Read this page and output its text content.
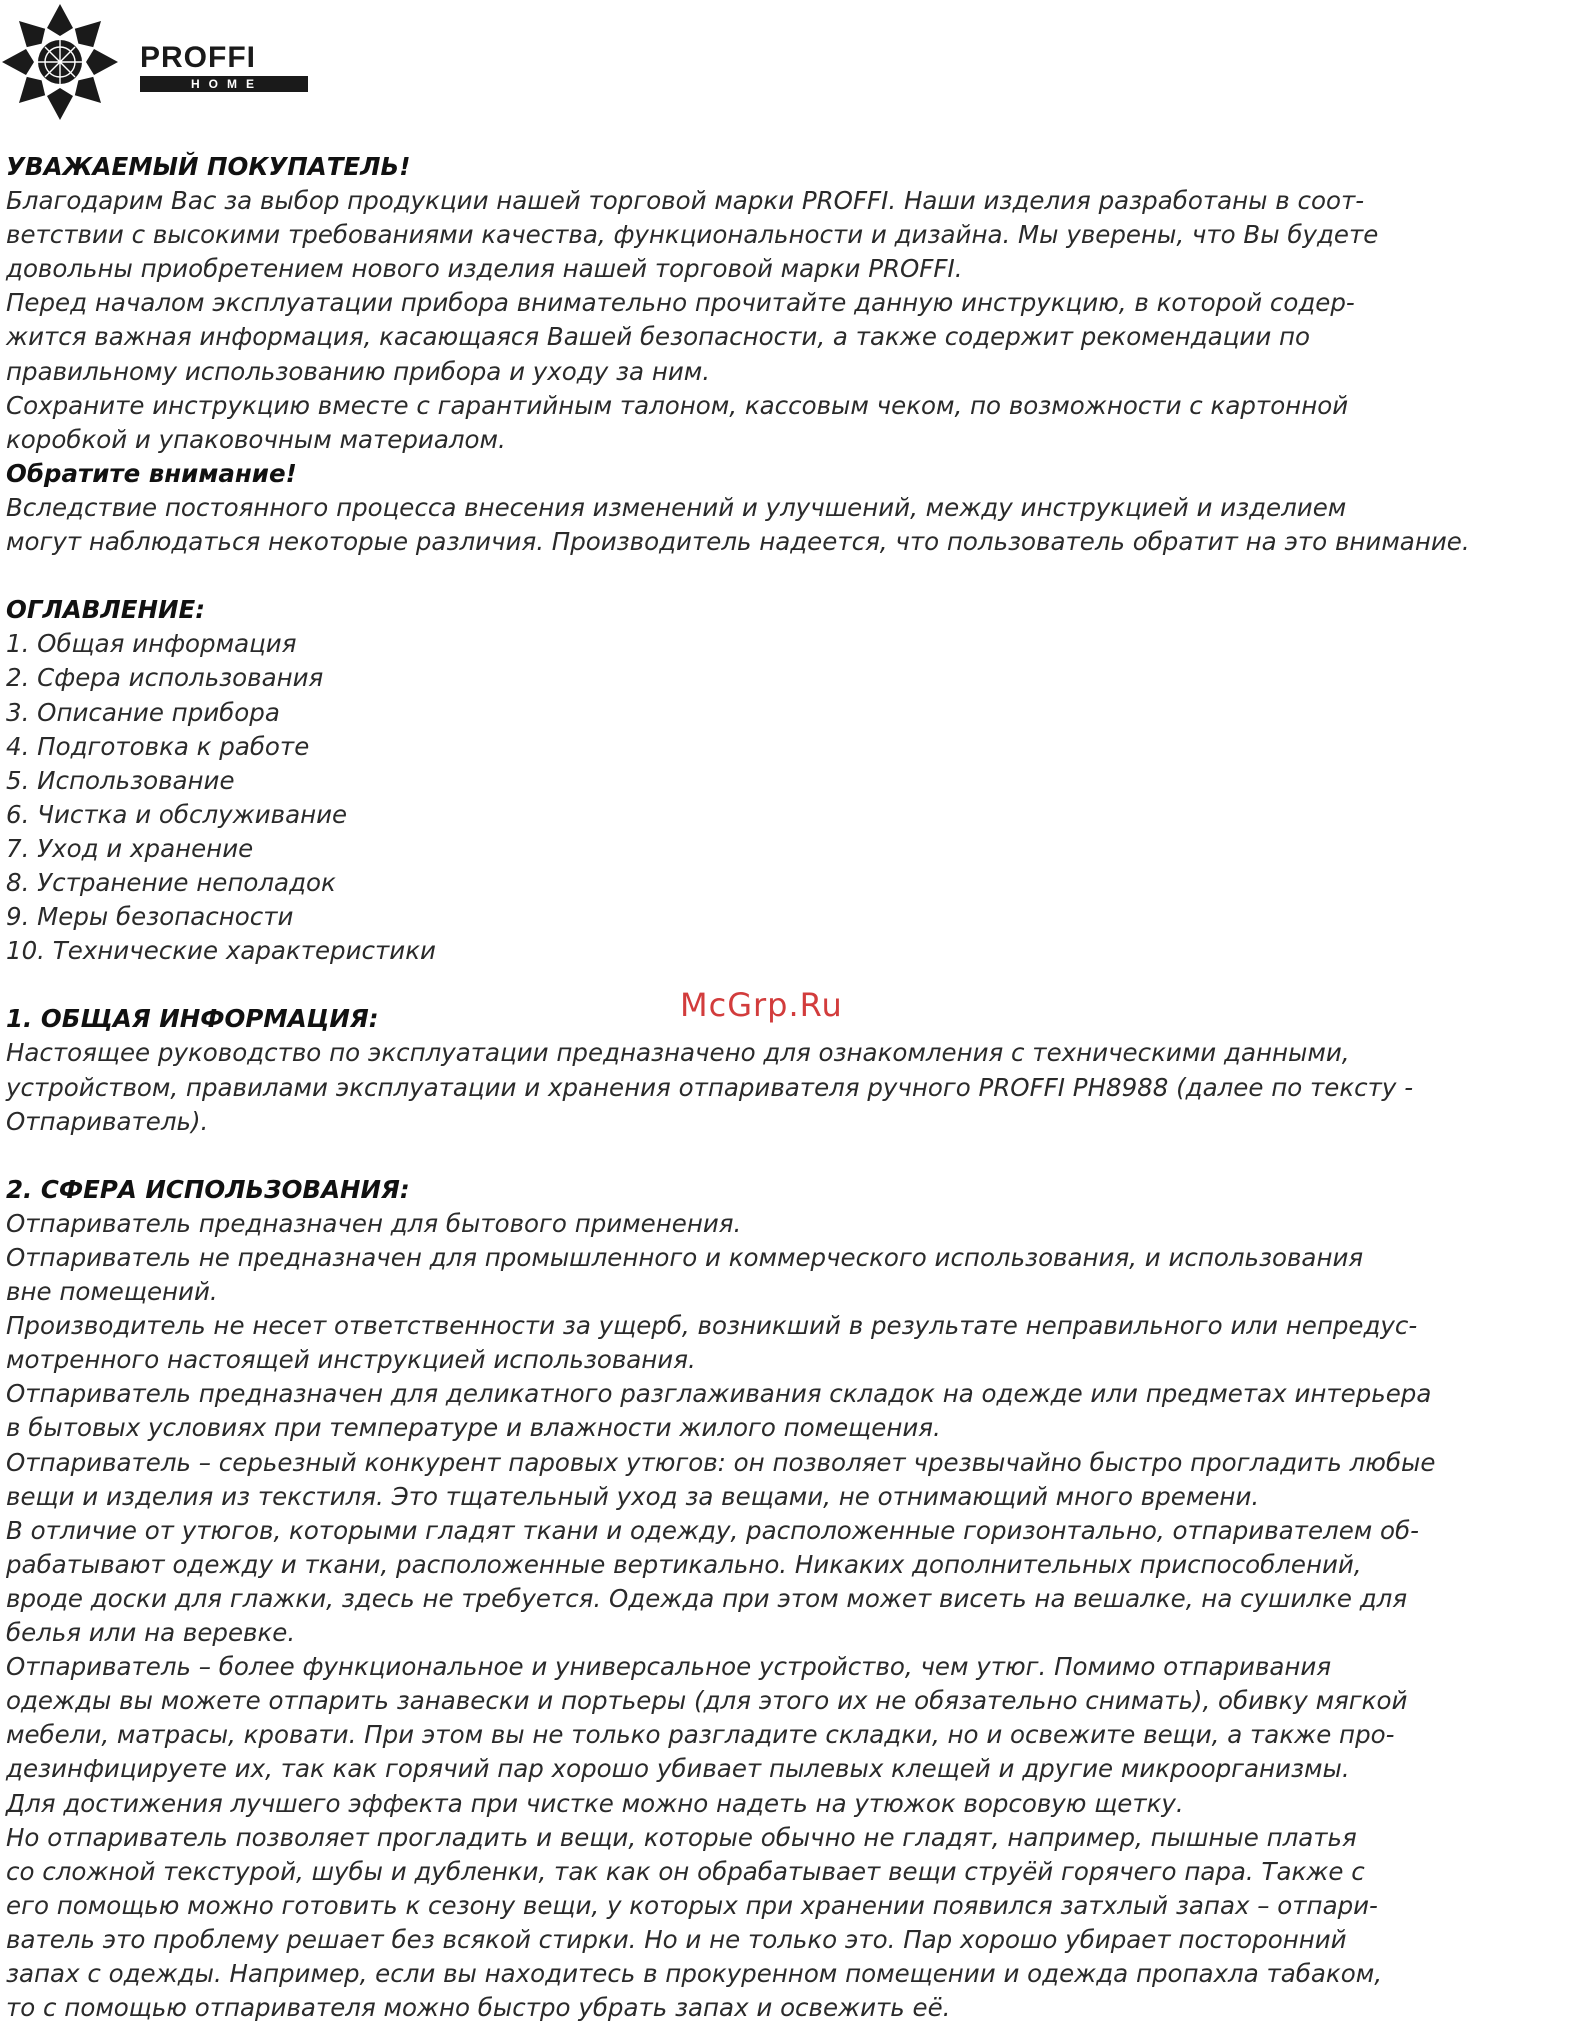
PROFFI
HOME

УВАЖАЕМЫЙ ПОКУПАТЕЛЬ!

Благодарим Вас за выбор продукции нашей торговой марки PROFFI. Наши изделия разработаны в соот-

ветствии с высокими требованиями качества, функциональности и дизайна. Мы уверены, что Вы будете

довольны приобретением нового изделия нашей торговой марки PROFFI.

Перед началом эксплуатации прибора внимательно прочитайте данную инструкцию, в которой содер-

жится важная информация, касающаяся Вашей безопасности, а также содержит рекомендации по

правильному использованию прибора и уходу за ним.

Сохраните инструкцию вместе с гарантийным талоном, кассовым чеком, по возможности с картонной

коробкой и упаковочным материалом.

Обратите внимание!

Вследствие постоянного процесса внесения изменений и улучшений, между инструкцией и изделием

могут наблюдаться некоторые различия. Производитель надеется, что пользователь обратит на это внимание.

ОГЛАВЛЕНИЕ:

1. Общая информация

2. Сфера использования

3. Описание прибора

4. Подготовка к работе

5. Использование

6. Чистка и обслуживание

7. Уход и хранение

8. Устранение неполадок

9. Меры безопасности

10. Технические характеристики

1. ОБЩАЯ ИНФОРМАЦИЯ:

Настоящее руководство по эксплуатации предназначено для ознакомления с техническими данными,

устройством, правилами эксплуатации и хранения отпаривателя ручного PROFFI PH8988 (далее по тексту -

Отпариватель).

2. СФЕРА ИСПОЛЬЗОВАНИЯ:

Отпариватель предназначен для бытового применения.

Отпариватель не предназначен для промышленного и коммерческого использования, и использования

вне помещений.

Производитель не несет ответственности за ущерб, возникший в результате неправильного или непредус-

мотренного настоящей инструкцией использования.

Отпариватель предназначен для деликатного разглаживания складок на одежде или предметах интерьера

в бытовых условиях при температуре и влажности жилого помещения.

Отпариватель – серьезный конкурент паровых утюгов: он позволяет чрезвычайно быстро прогладить любые

вещи и изделия из текстиля. Это тщательный уход за вещами, не отнимающий много времени.

В отличие от утюгов, которыми гладят ткани и одежду, расположенные горизонтально, отпаривателем об-

рабатывают одежду и ткани, расположенные вертикально. Никаких дополнительных приспособлений,

вроде доски для глажки, здесь не требуется. Одежда при этом может висеть на вешалке, на сушилке для

белья или на веревке.

Отпариватель – более функциональное и универсальное устройство, чем утюг. Помимо отпаривания

одежды вы можете отпарить занавески и портьеры (для этого их не обязательно снимать), обивку мягкой

мебели, матрасы, кровати. При этом вы не только разгладите складки, но и освежите вещи, а также про-

дезинфицируете их, так как горячий пар хорошо убивает пылевых клещей и другие микроорганизмы.

Для достижения лучшего эффекта при чистке можно надеть на утюжок ворсовую щетку.

Но отпариватель позволяет прогладить и вещи, которые обычно не гладят, например, пышные платья

со сложной текстурой, шубы и дубленки, так как он обрабатывает вещи струёй горячего пара. Также с

его помощью можно готовить к сезону вещи, у которых при хранении появился затхлый запах – отпари-

ватель это проблему решает без всякой стирки. Но и не только это. Пар хорошо убирает посторонний

запах с одежды. Например, если вы находитесь в прокуренном помещении и одежда пропахла табаком,

то с помощью отпаривателя можно быстро убрать запах и освежить её.

McGrp.Ru
